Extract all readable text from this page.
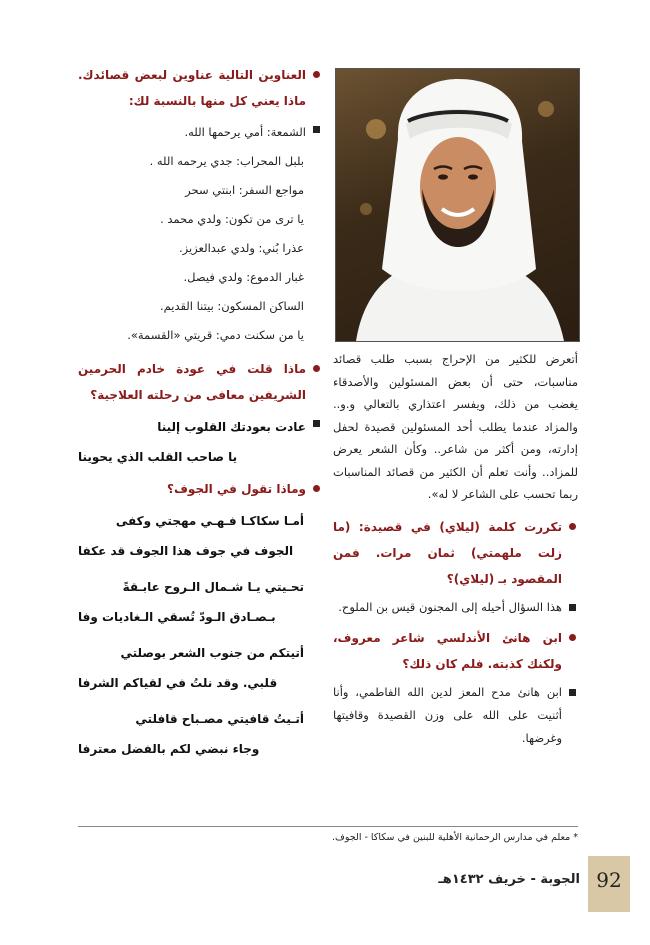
العناوين التالية عناوين لبعض قصائدك. ماذا يعني كل منها بالنسبة لك:
الشمعة: أمي يرحمها الله.
بلبل المحراب: جدي يرحمه الله .
مواجع السفر: ابنتي سحر
يا ترى من تكون: ولدي محمد .
عذرا بُني: ولدي عبدالعزيز.
غبار الدموع: ولدي فيصل.
الساكن المسكون: بيتنا القديم.
يا من سكنت دمي: قريتي «القسمة».
ماذا قلت في عودة خادم الحرمين الشريفين معافى من رحلته العلاجية؟
عادت بعودتك القلوب إلينا
يا صاحب القلب الذي يحوينا
وماذا تقول في الجوف؟
أمـا سكاكـا فـهـي مهجتي وكفى
الجوف في جوف هذا الجوف قد عكفا
تحـيتي يـا شـمال الـروح عابـقةً
بـصـادق الـودّ تُسقي الـغاديات وفا
أتيتكم من جنوب الشعر بوصلتي
قلبي. وقد نلتُ في لقياكم الشرفا
أتـيتُ قافيتي مصـباح قافلتي
وجاء نبضي لكم بالفضل معترفا
أتعرض للكثير من الإحراج بسبب طلب قصائد مناسبات، حتى أن بعض المسئولين والأصدقاء يغضب من ذلك، ويفسر اعتذاري بالتعالي و.و.. والمزاد عندما يطلب أحد المسئولين قصيدة لحفل إدارته، ومن أكثر من شاعر.. وكأن الشعر يعرض للمزاد.. وأنت تعلم أن الكثير من قصائد المناسبات ربما تحسب على الشاعر لا له».
تكررت كلمة (ليلاي) في قصيدة: (ما زلت ملهمتي) ثمان مرات. فمن المقصود بـ (ليلاي)؟
هذا السؤال أحيله إلى المجنون قيس بن الملوح.
ابن هانئ الأندلسي شاعر معروف، ولكنك كذبته. فلم كان ذلك؟
ابن هانئ مدح المعز لدين الله الفاطمي، وأنا أثنيت على الله على وزن القصيدة وقافيتها وغرضها.
* معلم في مدارس الرحمانية الأهلية للبنين في سكاكا - الجوف.
92
الجوبة - خريف ١٤٣٢هـ
